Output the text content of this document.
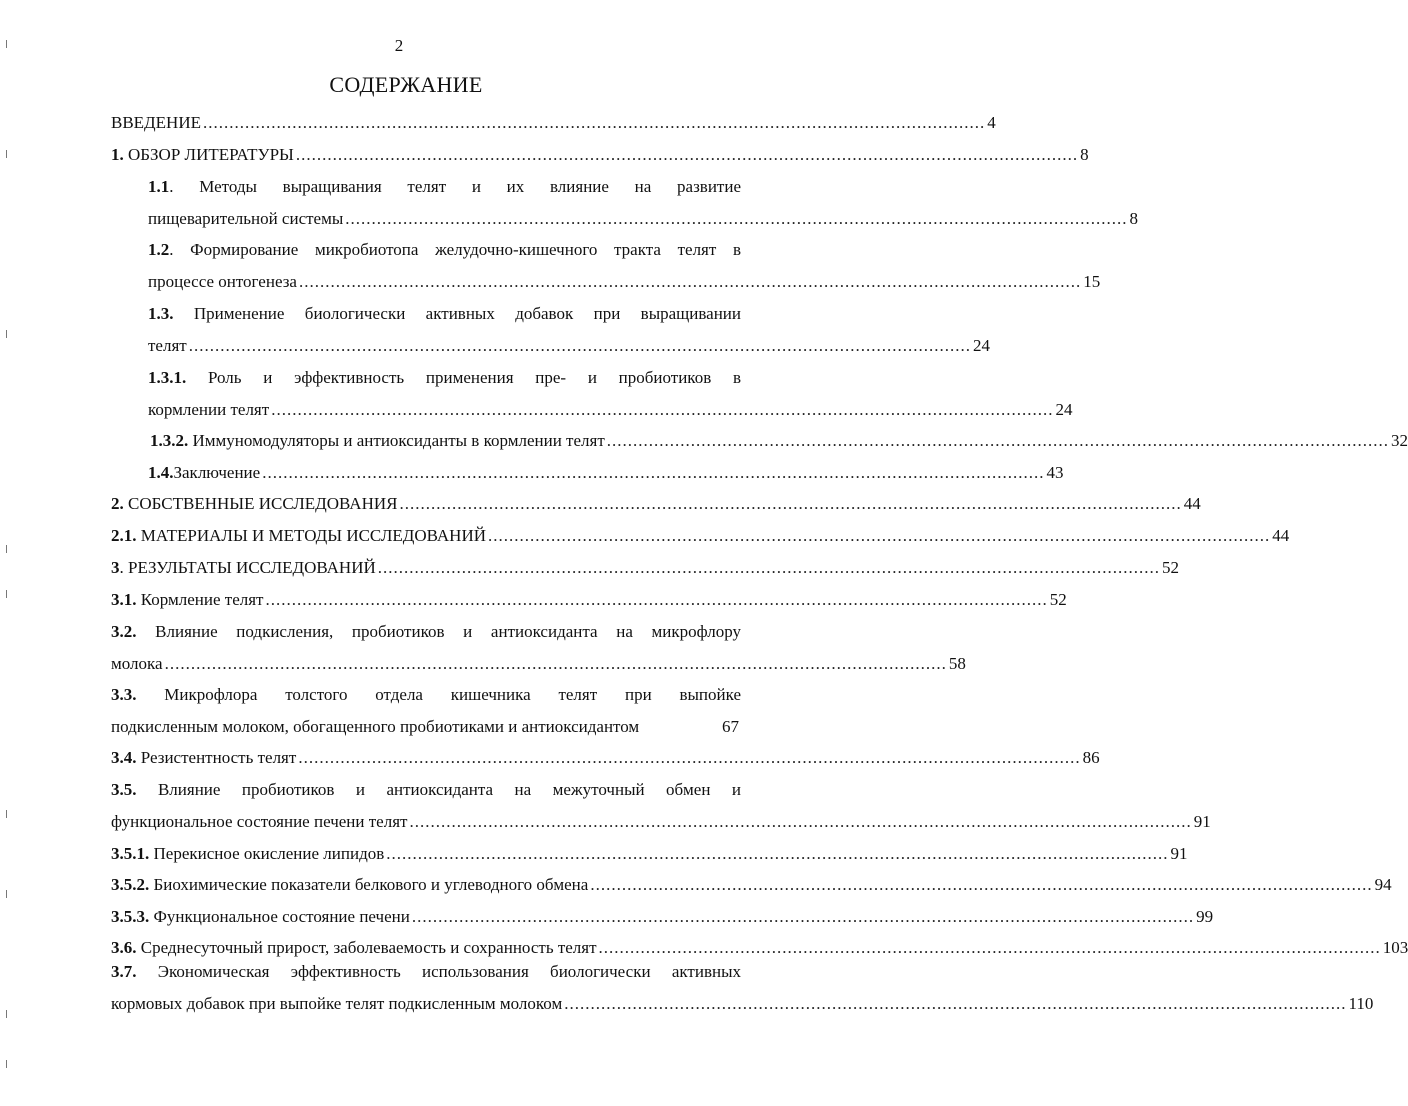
2
СОДЕРЖАНИЕ
ВВЕДЕНИЕ ..................................................................................................................................................... 4
1. ОБЗОР ЛИТЕРАТУРЫ ..................................................................................................................................................... 8
1.1. Методы выращивания телят и их влияние на развитие
пищеварительной системы ..................................................................................................................................................... 8
1.2. Формирование микробиотопа желудочно-кишечного тракта телят в
процессе онтогенеза ..................................................................................................................................................... 15
1.3. Применение биологически активных добавок при выращивании
телят ..................................................................................................................................................... 24
1.3.1. Роль и эффективность применения пре- и пробиотиков в
кормлении телят ..................................................................................................................................................... 24
1.3.2. Иммуномодуляторы и антиоксиданты в кормлении телят ..................................................................................................................................................... 32
1.4.Заключение ..................................................................................................................................................... 43
2. СОБСТВЕННЫЕ ИССЛЕДОВАНИЯ ..................................................................................................................................................... 44
2.1. МАТЕРИАЛЫ И МЕТОДЫ ИССЛЕДОВАНИЙ ..................................................................................................................................................... 44
3. РЕЗУЛЬТАТЫ ИССЛЕДОВАНИЙ ..................................................................................................................................................... 52
3.1. Кормление телят ..................................................................................................................................................... 52
3.2. Влияние подкисления, пробиотиков и антиоксиданта на микрофлору
молока ..................................................................................................................................................... 58
3.3. Микрофлора толстого отдела кишечника телят при выпойке
подкисленным молоком, обогащенного пробиотиками и антиоксидантом	67
3.4. Резистентность телят ..................................................................................................................................................... 86
3.5. Влияние пробиотиков и антиоксиданта на межуточный обмен и
функциональное состояние печени телят ..................................................................................................................................................... 91
3.5.1. Перекисное окисление липидов ..................................................................................................................................................... 91
3.5.2. Биохимические показатели белкового и углеводного обмена ..................................................................................................................................................... 94
3.5.3. Функциональное состояние печени ..................................................................................................................................................... 99
3.6. Среднесуточный прирост, заболеваемость и сохранность телят ..................................................................................................................................................... 103
3.7. Экономическая эффективность использования биологически активных
кормовых добавок при выпойке телят подкисленным молоком ..................................................................................................................................................... 110
